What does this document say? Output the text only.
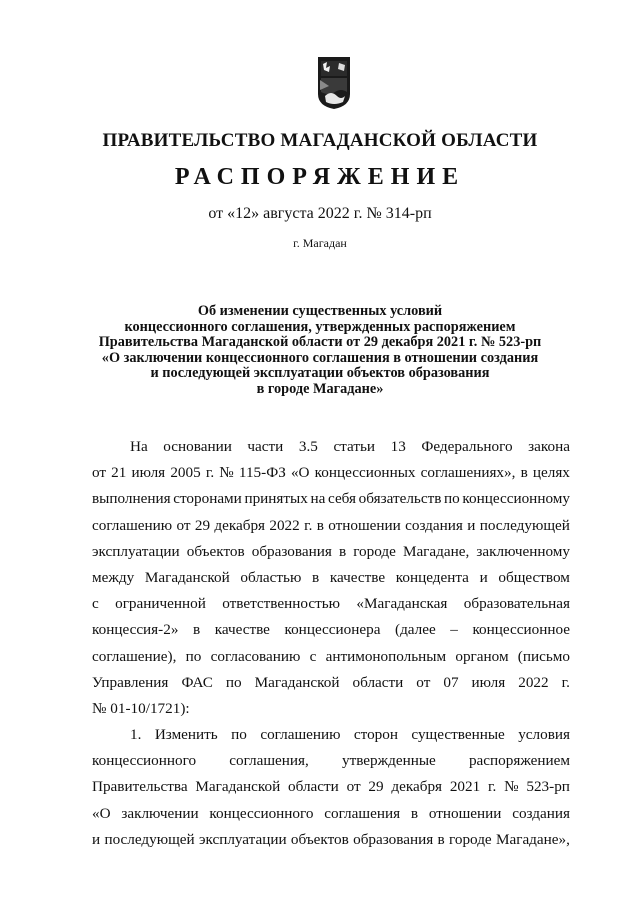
ПРАВИТЕЛЬСТВО МАГАДАНСКОЙ ОБЛАСТИ
РАСПОРЯЖЕНИЕ
от «12» августа 2022 г. № 314-рп
г. Магадан
Об изменении существенных условий
концессионного соглашения, утвержденных распоряжением
Правительства Магаданской области от 29 декабря 2021 г. № 523-рп
«О заключении концессионного соглашения в отношении создания
и последующей эксплуатации объектов образования
в городе Магадане»
На основании части 3.5 статьи 13 Федерального закона
от 21 июля 2005 г. № 115-ФЗ «О концессионных соглашениях», в целях
выполнения сторонами принятых на себя обязательств по концессионному
соглашению от 29 декабря 2022 г. в отношении создания и последующей
эксплуатации объектов образования в городе Магадане, заключенному
между Магаданской областью в качестве концедента и обществом
с ограниченной ответственностью «Магаданская образовательная
концессия-2» в качестве концессионера (далее – концессионное
соглашение), по согласованию с антимонопольным органом (письмо
Управления ФАС по Магаданской области от 07 июля 2022 г.
№ 01-10/1721):
1. Изменить по соглашению сторон существенные условия
концессионного соглашения, утвержденные распоряжением
Правительства Магаданской области от 29 декабря 2021 г. № 523-рп
«О заключении концессионного соглашения в отношении создания
и последующей эксплуатации объектов образования в городе Магадане»,
